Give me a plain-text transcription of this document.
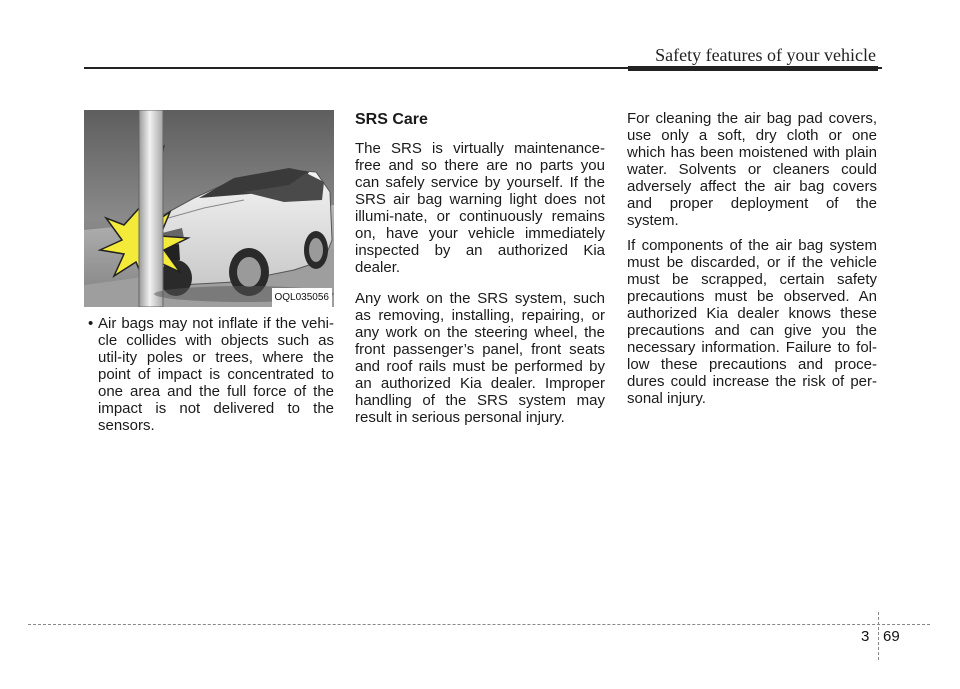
Safety features of your vehicle
OQL035056

• Air bags may not inflate if the vehi-cle collides with objects such as util-ity poles or trees, where the point of impact is concentrated to one area and the full force of the impact is not delivered to the sensors.

SRS Care

The SRS is virtually maintenance-free and so there are no parts you can safely service by yourself. If the SRS air bag warning light does not illumi-nate, or continuously remains on, have your vehicle immediately inspected by an authorized Kia dealer.

Any work on the SRS system, such as removing, installing, repairing, or any work on the steering wheel, the front passenger’s panel, front seats and roof rails must be performed by an authorized Kia dealer. Improper handling of the SRS system may result in serious personal injury.

For cleaning the air bag pad covers, use only a soft, dry cloth or one which has been moistened with plain water. Solvents or cleaners could adversely affect the air bag covers and proper deployment of the system.

If components of the air bag system must be discarded, or if the vehicle must be scrapped, certain safety precautions must be observed. An authorized Kia dealer knows these precautions and can give you the necessary information. Failure to fol-low these precautions and proce-dures could increase the risk of per-sonal injury.

3 69
